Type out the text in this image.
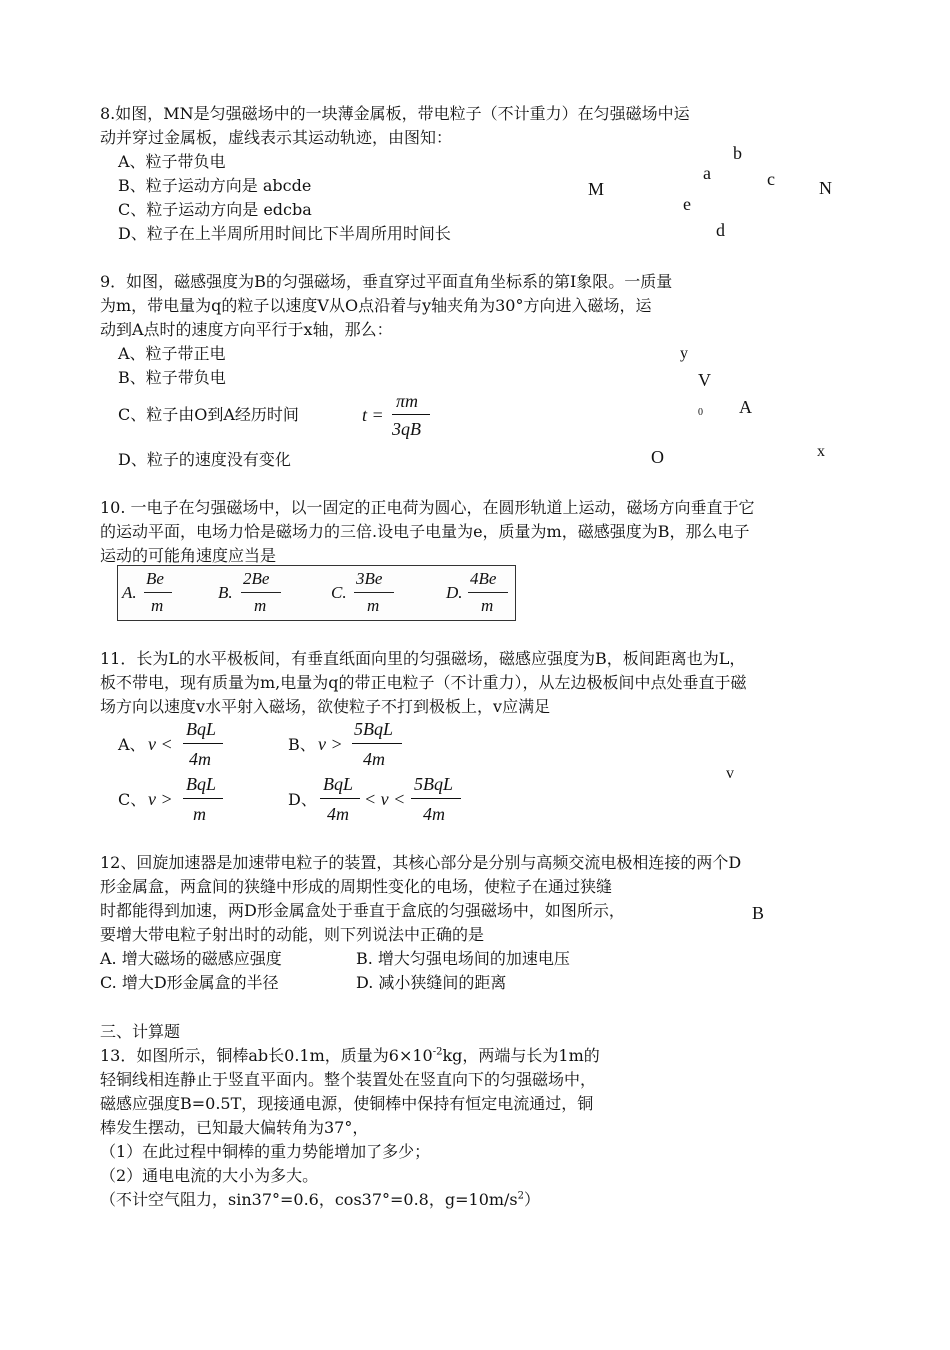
8.如图，MN是匀强磁场中的一块薄金属板，带电粒子（不计重力）在匀强磁场中运
动并穿过金属板，虚线表示其运动轨迹，由图知：
A、粒子带负电
B、粒子运动方向是 abcde
C、粒子运动方向是 edcba
D、粒子在上半周所用时间比下半周所用时间长
M
b
a	c N
e
d
9．如图，磁感强度为B的匀强磁场，垂直穿过平面直角坐标系的第Ⅰ象限。一质量
为m，带电量为q的粒子以速度V从O点沿着与y轴夹角为30°方向进入磁场，运
动到A点时的速度方向平行于x轴，那么：
A、粒子带正电
B、粒子带负电
C、粒子由O到A经历时间	t =
πm
3qB
D、粒子的速度没有变化
y
V
0 A
O	x
10. 一电子在匀强磁场中，以一固定的正电荷为圆心，在圆形轨道上运动，磁场方向垂直于它
的运动平面，电场力恰是磁场力的三倍.设电子电量为e，质量为m，磁感强度为B，那么电子
运动的可能角速度应当是
A.
Be
m
B.
2Be
m
C.
3Be
m
D.
4Be
m
11．长为L的水平极板间，有垂直纸面向里的匀强磁场，磁感应强度为B，板间距离也为L，
板不带电，现有质量为m,电量为q的带正电粒子（不计重力），从左边极板间中点处垂直于磁
场方向以速度v水平射入磁场，欲使粒子不打到极板上，v应满足
A、 v <
BqL
4m
B、 v >
5BqL
4m
C、 v >
BqL
m
D、
BqL
4m
< v <
5BqL
4m
v
12、回旋加速器是加速带电粒子的装置，其核心部分是分别与高频交流电极相连接的两个D
形金属盒，两盒间的狭缝中形成的周期性变化的电场，使粒子在通过狭缝
时都能得到加速，两D形金属盒处于垂直于盒底的匀强磁场中，如图所示，
要增大带电粒子射出时的动能，则下列说法中正确的是
A. 增大磁场的磁感应强度	B. 增大匀强电场间的加速电压
C. 增大D形金属盒的半径	D. 减小狭缝间的距离
B
三、计算题
13．如图所示，铜棒ab长0.1m，质量为$6\times 10^{-2}kg$，两端与长为1m的
轻铜线相连静止于竖直平面内。整个装置处在竖直向下的匀强磁场中，
磁感应强度B=0.5T，现接通电源，使铜棒中保持有恒定电流通过，铜
棒发生摆动，已知最大偏转角为37°，
（1）在此过程中铜棒的重力势能增加了多少；
（2）通电电流的大小为多大。
（不计空气阻力，sin37°=0.6，cos37°=0.8，$g=10m/s^2$）
